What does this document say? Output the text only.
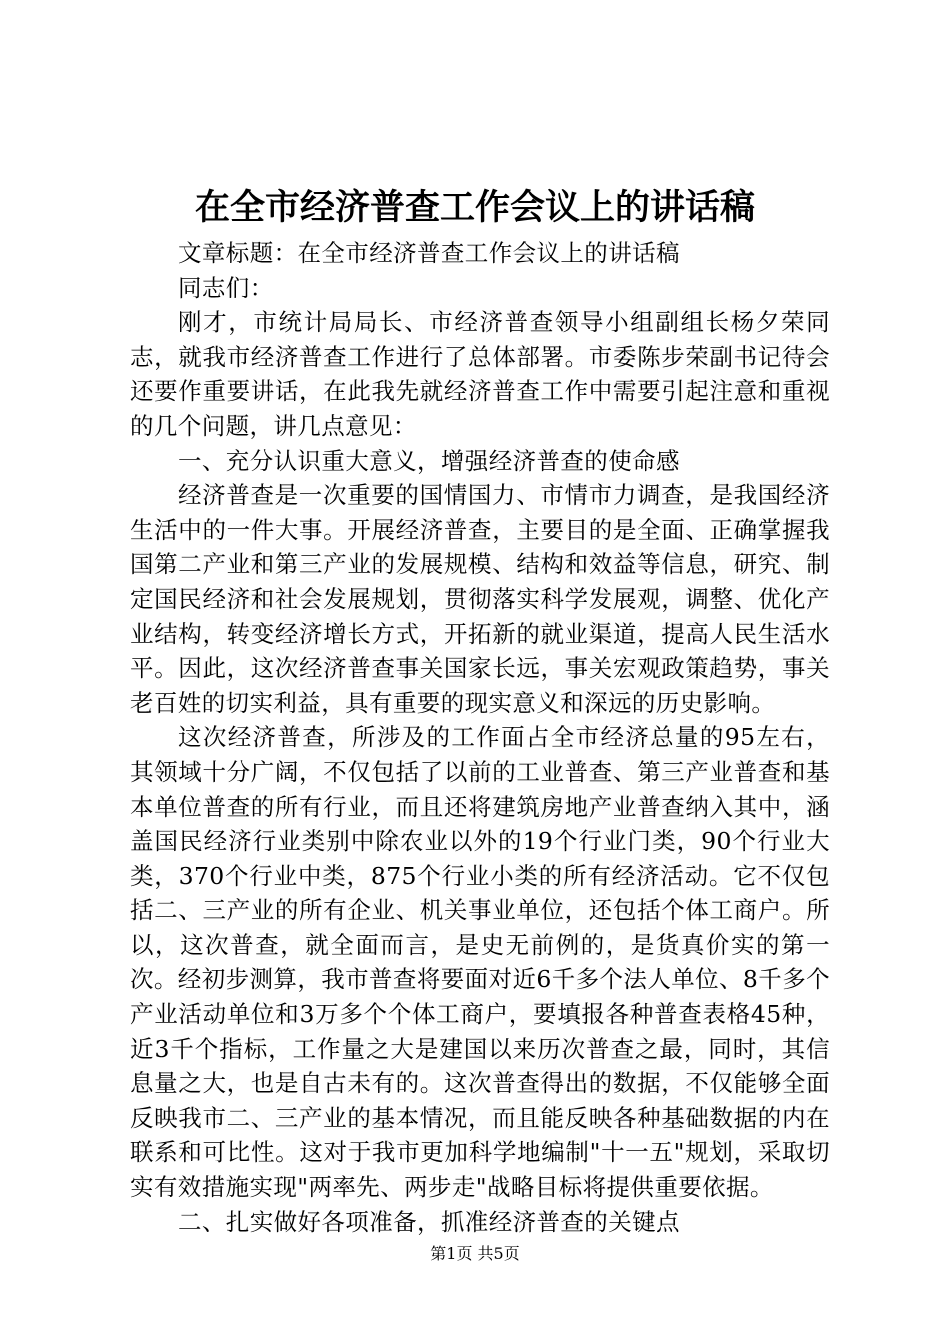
在全市经济普查工作会议上的讲话稿

文章标题：在全市经济普查工作会议上的讲话稿

同志们：

刚才，市统计局局长、市经济普查领导小组副组长杨夕荣同志，就我市经济普查工作进行了总体部署。市委陈步荣副书记待会还要作重要讲话，在此我先就经济普查工作中需要引起注意和重视的几个问题，讲几点意见：

一、充分认识重大意义，增强经济普查的使命感

经济普查是一次重要的国情国力、市情市力调查，是我国经济生活中的一件大事。开展经济普查，主要目的是全面、正确掌握我国第二产业和第三产业的发展规模、结构和效益等信息，研究、制定国民经济和社会发展规划，贯彻落实科学发展观，调整、优化产业结构，转变经济增长方式，开拓新的就业渠道，提高人民生活水平。因此，这次经济普查事关国家长远，事关宏观政策趋势，事关老百姓的切实利益，具有重要的现实意义和深远的历史影响。

这次经济普查，所涉及的工作面占全市经济总量的95左右，其领域十分广阔，不仅包括了以前的工业普查、第三产业普查和基本单位普查的所有行业，而且还将建筑房地产业普查纳入其中，涵盖国民经济行业类别中除农业以外的19个行业门类，90个行业大类，370个行业中类，875个行业小类的所有经济活动。它不仅包括二、三产业的所有企业、机关事业单位，还包括个体工商户。所以，这次普查，就全面而言，是史无前例的，是货真价实的第一次。经初步测算，我市普查将要面对近6千多个法人单位、8千多个产业活动单位和3万多个个体工商户，要填报各种普查表格45种，近3千个指标，工作量之大是建国以来历次普查之最，同时，其信息量之大，也是自古未有的。这次普查得出的数据，不仅能够全面反映我市二、三产业的基本情况，而且能反映各种基础数据的内在联系和可比性。这对于我市更加科学地编制"十一五"规划，采取切实有效措施实现"两率先、两步走"战略目标将提供重要依据。

二、扎实做好各项准备，抓准经济普查的关键点

第1页 共5页
